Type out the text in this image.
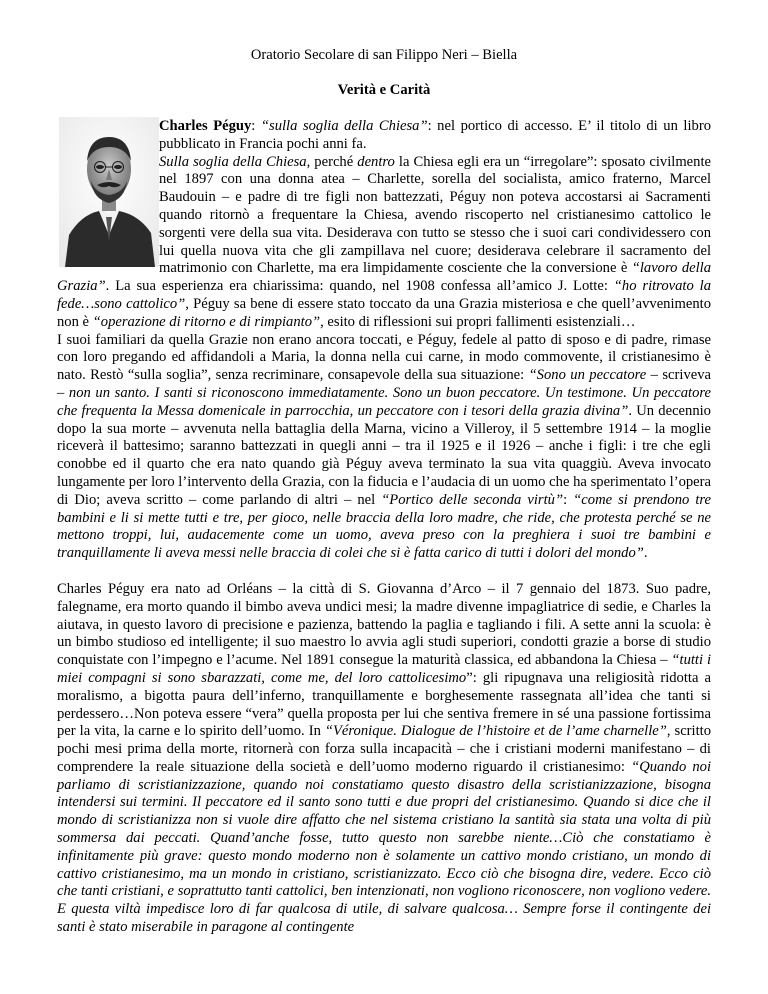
Oratorio Secolare di san Filippo Neri – Biella

Verità e Carità

Charles Péguy: “sulla soglia della Chiesa”: nel portico di accesso. E’ il titolo di un libro pubblicato in Francia pochi anni fa.

Sulla soglia della Chiesa, perché dentro la Chiesa egli era un “irregolare”: sposato civilmente nel 1897 con una donna atea – Charlette, sorella del socialista, amico fraterno, Marcel Baudouin – e padre di tre figli non battezzati, Péguy non poteva accostarsi ai Sacramenti quando ritornò a frequentare la Chiesa, avendo riscoperto nel cristianesimo cattolico le sorgenti vere della sua vita. Desiderava con tutto se stesso che i suoi cari condividessero con lui quella nuova vita che gli zampillava nel cuore; desiderava celebrare il sacramento del matrimonio con Charlette, ma era limpidamente cosciente che la conversione è “lavoro della Grazia”. La sua esperienza era chiarissima: quando, nel 1908 confessa all’amico J. Lotte: “ho ritrovato la fede…sono cattolico”, Péguy sa bene di essere stato toccato da una Grazia misteriosa e che quell’avvenimento non è “operazione di ritorno e di rimpianto”, esito di riflessioni sui propri fallimenti esistenziali…

I suoi familiari da quella Grazie non erano ancora toccati, e Péguy, fedele al patto di sposo e di padre, rimase con loro pregando ed affidandoli a Maria, la donna nella cui carne, in modo commovente, il cristianesimo è nato. Restò “sulla soglia”, senza recriminare, consapevole della sua situazione: “Sono un peccatore – scriveva – non un santo. I santi si riconoscono immediatamente. Sono un buon peccatore. Un testimone. Un peccatore che frequenta la Messa domenicale in parrocchia, un peccatore con i tesori della grazia divina”. Un decennio dopo la sua morte – avvenuta nella battaglia della Marna, vicino a Villeroy, il 5 settembre 1914 – la moglie riceverà il battesimo; saranno battezzati in quegli anni – tra il 1925 e il 1926 – anche i figli: i tre che egli conobbe ed il quarto che era nato quando già Péguy aveva terminato la sua vita quaggiù. Aveva invocato lungamente per loro l’intervento della Grazia, con la fiducia e l’audacia di un uomo che ha sperimentato l’opera di Dio; aveva scritto – come parlando di altri – nel “Portico delle seconda virtù”: “come si prendono tre bambini e li si mette tutti e tre, per gioco, nelle braccia della loro madre, che ride, che protesta perché se ne mettono troppi, lui, audacemente come un uomo, aveva preso con la preghiera i suoi tre bambini e tranquillamente li aveva messi nelle braccia di colei che si è fatta carico di tutti i dolori del mondo”.

Charles Péguy era nato ad Orléans – la città di S. Giovanna d’Arco – il 7 gennaio del 1873. Suo padre, falegname, era morto quando il bimbo aveva undici mesi; la madre divenne impagliatrice di sedie, e Charles la aiutava, in questo lavoro di precisione e pazienza, battendo la paglia e tagliando i fili. A sette anni la scuola: è un bimbo studioso ed intelligente; il suo maestro lo avvia agli studi superiori, condotti grazie a borse di studio conquistate con l’impegno e l’acume. Nel 1891 consegue la maturità classica, ed abbandona la Chiesa – “tutti i miei compagni si sono sbarazzati, come me, del loro cattolicesimo”: gli ripugnava una religiosità ridotta a moralismo, a bigotta paura dell’inferno, tranquillamente e borghesemente rassegnata all’idea che tanti si perdessero…Non poteva essere “vera” quella proposta per lui che sentiva fremere in sé una passione fortissima per la vita, la carne e lo spirito dell’uomo. In “Véronique. Dialogue de l’histoire et de l’ame charnelle”, scritto pochi mesi prima della morte, ritornerà con forza sulla incapacità – che i cristiani moderni manifestano – di comprendere la reale situazione della società e dell’uomo moderno riguardo il cristianesimo: “Quando noi parliamo di scristianizzazione, quando noi constatiamo questo disastro della scristianizzazione, bisogna intendersi sui termini. Il peccatore ed il santo sono tutti e due propri del cristianesimo. Quando si dice che il mondo di scristianizza non si vuole dire affatto che nel sistema cristiano la santità sia stata una volta di più sommersa dai peccati. Quand’anche fosse, tutto questo non sarebbe niente…Ciò che constatiamo è infinitamente più grave: questo mondo moderno non è solamente un cattivo mondo cristiano, un mondo di cattivo cristianesimo, ma un mondo in cristiano, scristianizzato. Ecco ciò che bisogna dire, vedere. Ecco ciò che tanti cristiani, e soprattutto tanti cattolici, ben intenzionati, non vogliono riconoscere, non vogliono vedere. E questa viltà impedisce loro di far qualcosa di utile, di salvare qualcosa… Sempre forse il contingente dei santi è stato miserabile in paragone al contingente
